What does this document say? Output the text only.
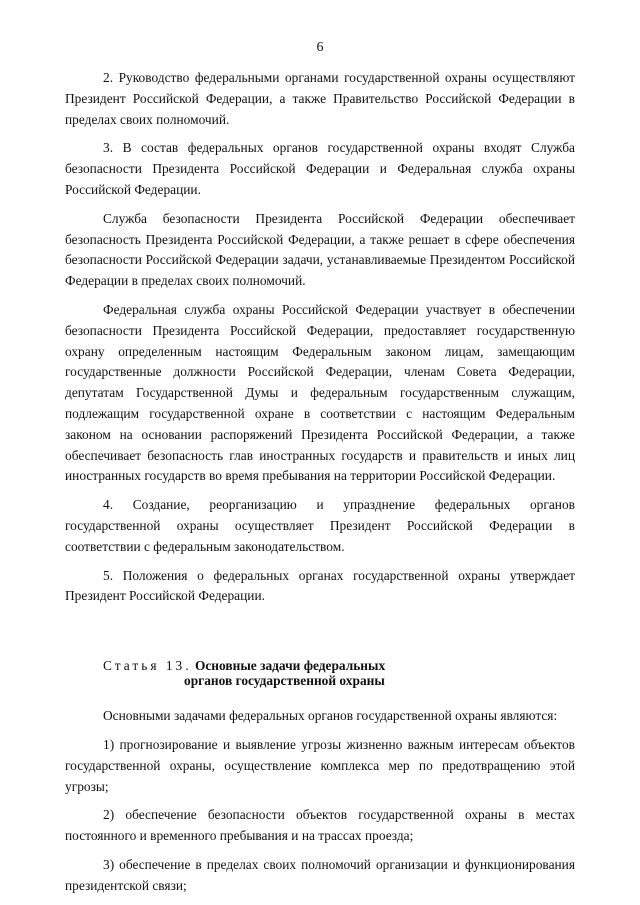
6

2. Руководство федеральными органами государственной охраны осуществляют Президент Российской Федерации, а также Правительство Российской Федерации в пределах своих полномочий.

3. В состав федеральных органов государственной охраны входят Служба безопасности Президента Российской Федерации и Федеральная служба охраны Российской Федерации.

Служба безопасности Президента Российской Федерации обеспечивает безопасность Президента Российской Федерации, а также решает в сфере обеспечения безопасности Российской Федерации задачи, устанавливаемые Президентом Российской Федерации в пределах своих полномочий.

Федеральная служба охраны Российской Федерации участвует в обеспечении безопасности Президента Российской Федерации, предоставляет государственную охрану определенным настоящим Федеральным законом лицам, замещающим государственные должности Российской Федерации, членам Совета Федерации, депутатам Государственной Думы и федеральным государственным служащим, подлежащим государственной охране в соответствии с настоящим Федеральным законом на основании распоряжений Президента Российской Федерации, а также обеспечивает безопасность глав иностранных государств и правительств и иных лиц иностранных государств во время пребывания на территории Российской Федерации.

4. Создание, реорганизацию и упразднение федеральных органов государственной охраны осуществляет Президент Российской Федерации в соответствии с федеральным законодательством.

5. Положения о федеральных органах государственной охраны утверждает Президент Российской Федерации.

Статья 13. Основные задачи федеральных
органов государственной охраны

Основными задачами федеральных органов государственной охраны являются:

1) прогнозирование и выявление угрозы жизненно важным интересам объектов государственной охраны, осуществление комплекса мер по предотвращению этой угрозы;

2) обеспечение безопасности объектов государственной охраны в местах постоянного и временного пребывания и на трассах проезда;

3) обеспечение в пределах своих полномочий организации и функционирования президентской связи;
